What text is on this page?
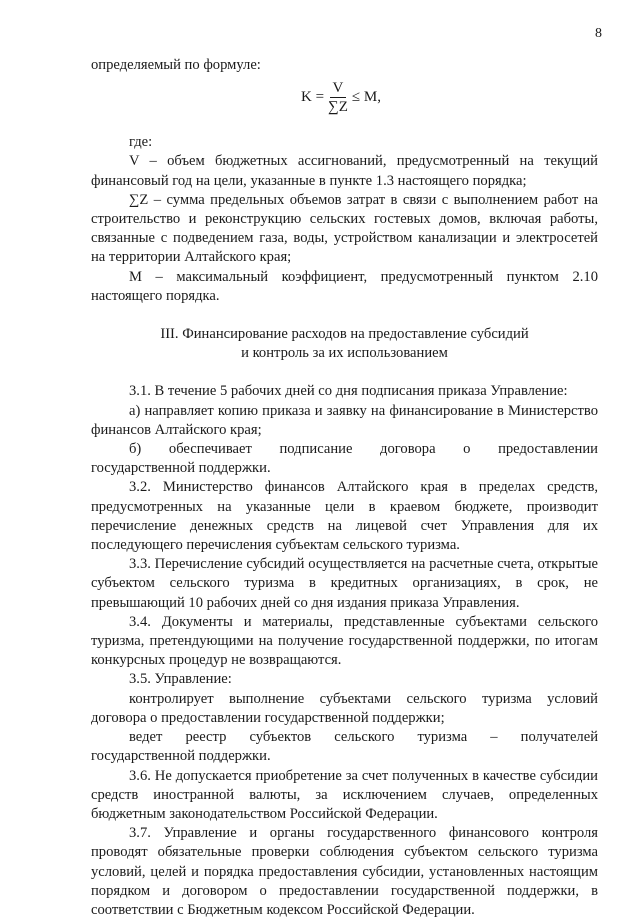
8

определяемый по формуле:

$K = \frac{V}{\sum Z} \le M$,

где:

V – объем бюджетных ассигнований, предусмотренный на текущий финансовый год на цели, указанные в пункте 1.3 настоящего порядка;

∑Z – сумма предельных объемов затрат в связи с выполнением работ на строительство и реконструкцию сельских гостевых домов, включая работы, связанные с подведением газа, воды, устройством канализации и электросетей на территории Алтайского края;

M – максимальный коэффициент, предусмотренный пунктом 2.10 настоящего порядка.

III. Финансирование расходов на предоставление субсидий
и контроль за их использованием

3.1. В течение 5 рабочих дней со дня подписания приказа Управление:

а) направляет копию приказа и заявку на финансирование в Министерство финансов Алтайского края;

б) обеспечивает подписание договора о предоставлении

государственной поддержки.

3.2. Министерство финансов Алтайского края в пределах средств, предусмотренных на указанные цели в краевом бюджете, производит перечисление денежных средств на лицевой счет Управления для их последующего перечисления субъектам сельского туризма.

3.3. Перечисление субсидий осуществляется на расчетные счета, открытые субъектом сельского туризма в кредитных организациях, в срок, не превышающий 10 рабочих дней со дня издания приказа Управления.

3.4. Документы и материалы, представленные субъектами сельского туризма, претендующими на получение государственной поддержки, по итогам конкурсных процедур не возвращаются.

3.5. Управление:

контролирует выполнение субъектами сельского туризма условий договора о предоставлении государственной поддержки;

ведет реестр субъектов сельского туризма – получателей

государственной поддержки.

3.6. Не допускается приобретение за счет полученных в качестве субсидии средств иностранной валюты, за исключением случаев, определенных бюджетным законодательством Российской Федерации.

3.7. Управление и органы государственного финансового контроля проводят обязательные проверки соблюдения субъектом сельского туризма условий, целей и порядка предоставления субсидии, установленных настоящим порядком и договором о предоставлении государственной поддержки, в соответствии с Бюджетным кодексом Российской Федерации.
